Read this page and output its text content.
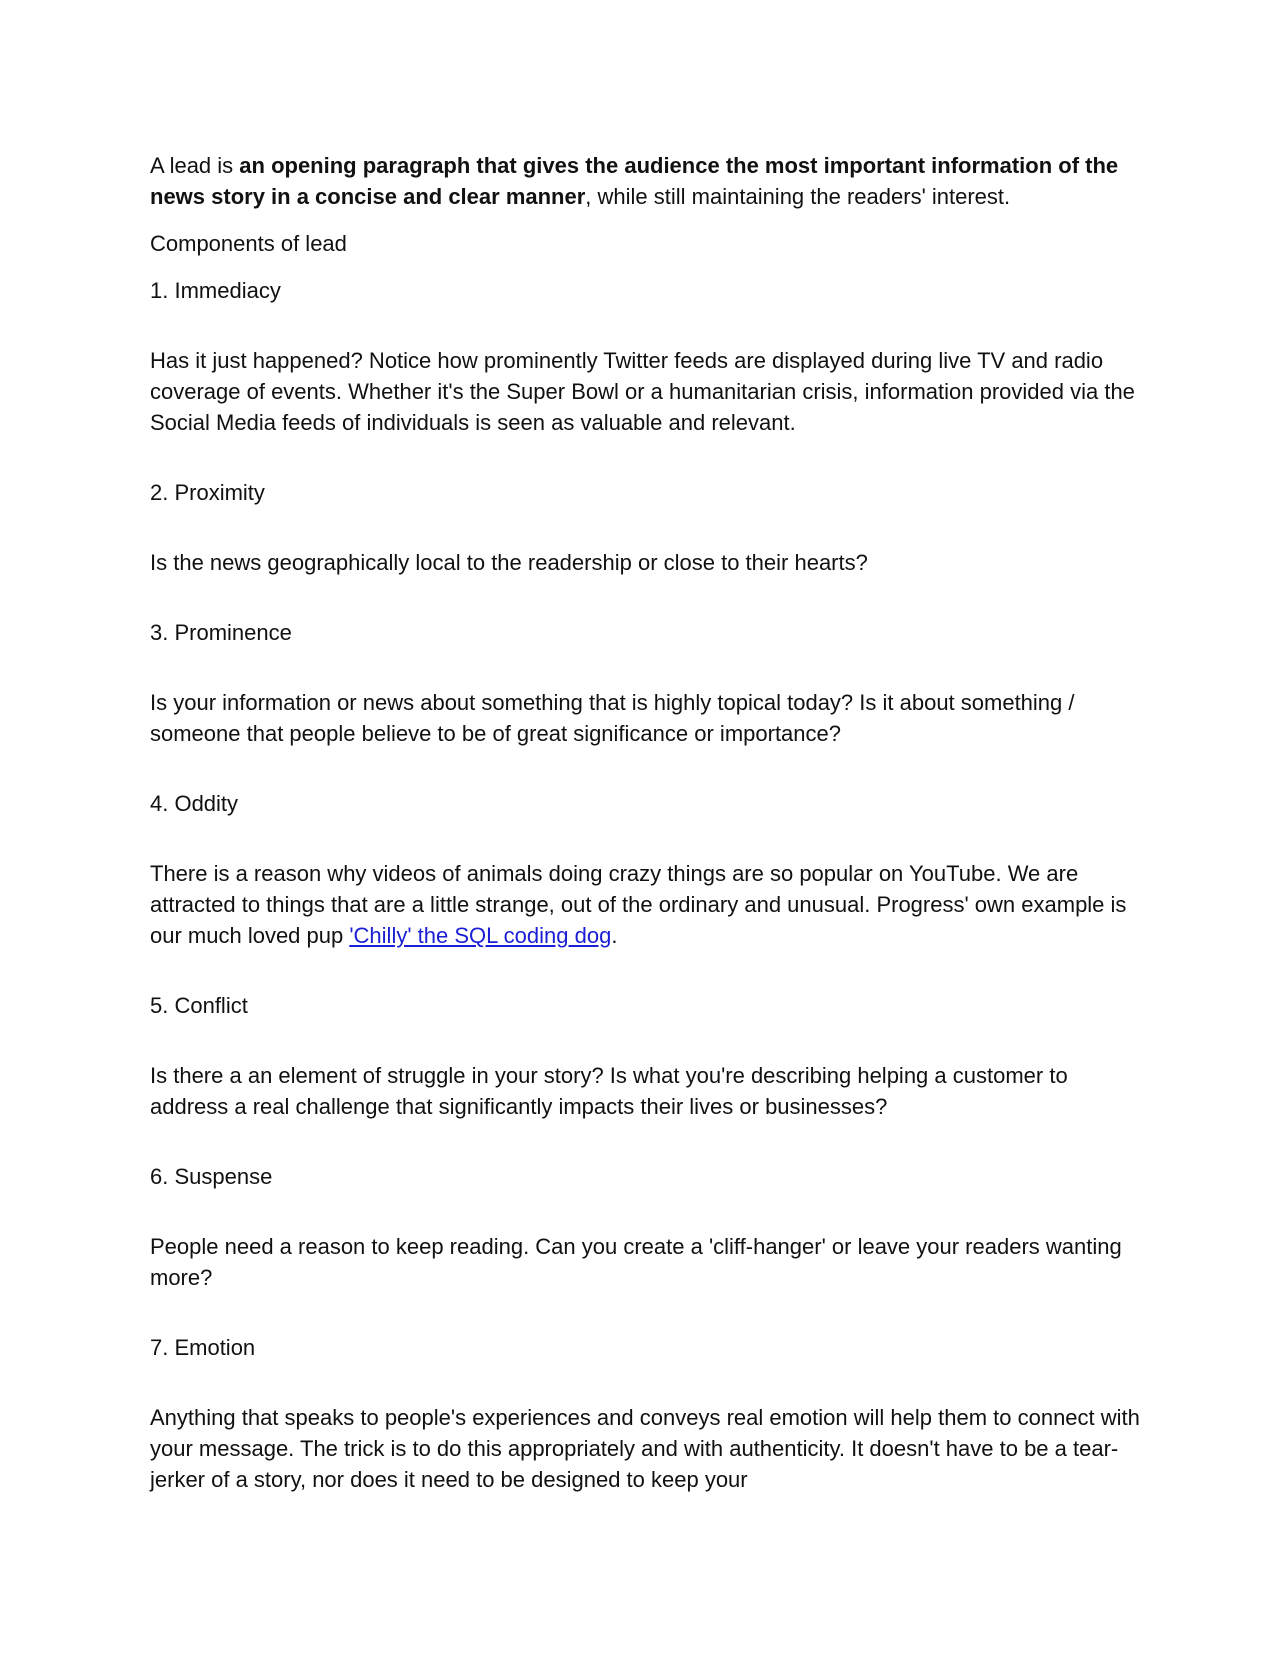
A lead is an opening paragraph that gives the audience the most important information of the news story in a concise and clear manner, while still maintaining the readers' interest.

Components of lead

1. Immediacy

Has it just happened? Notice how prominently Twitter feeds are displayed during live TV and radio coverage of events. Whether it's the Super Bowl or a humanitarian crisis, information provided via the Social Media feeds of individuals is seen as valuable and relevant.

2. Proximity

Is the news geographically local to the readership or close to their hearts?

3. Prominence

Is your information or news about something that is highly topical today? Is it about something / someone that people believe to be of great significance or importance?

4. Oddity

There is a reason why videos of animals doing crazy things are so popular on YouTube. We are attracted to things that are a little strange, out of the ordinary and unusual. Progress' own example is our much loved pup 'Chilly' the SQL coding dog.

5. Conflict

Is there a an element of struggle in your story? Is what you're describing helping a customer to address a real challenge that significantly impacts their lives or businesses?

6. Suspense

People need a reason to keep reading. Can you create a 'cliff-hanger' or leave your readers wanting more?

7. Emotion

Anything that speaks to people's experiences and conveys real emotion will help them to connect with your message. The trick is to do this appropriately and with authenticity. It doesn't have to be a tear-jerker of a story, nor does it need to be designed to keep your
